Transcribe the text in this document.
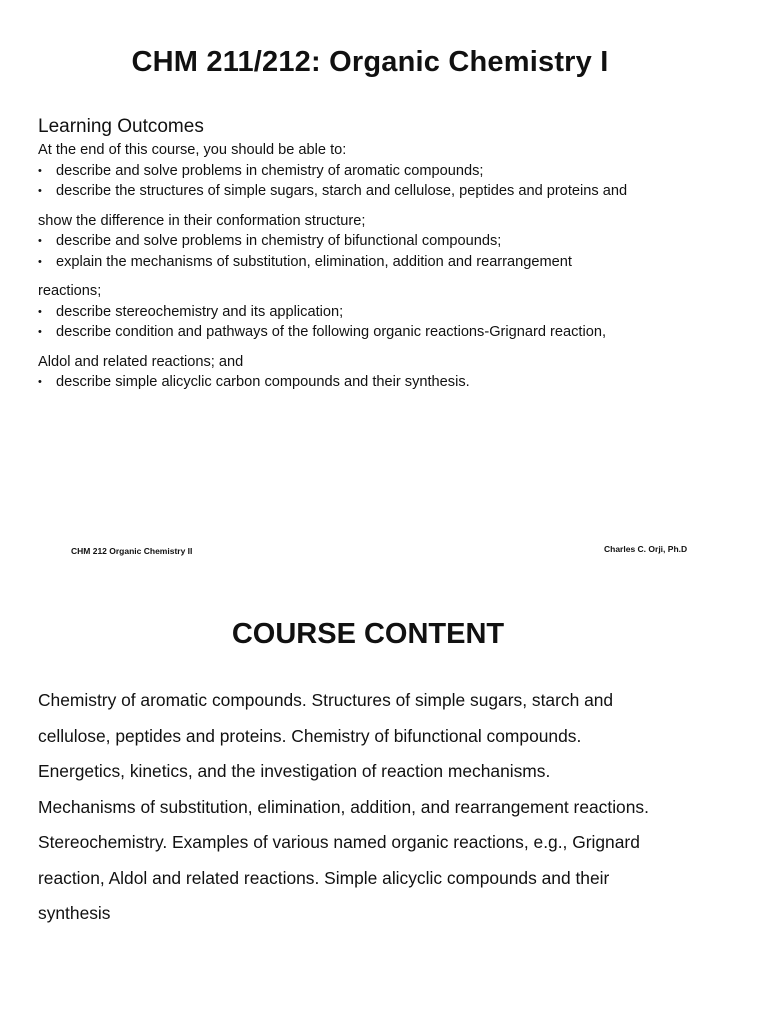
CHM 211/212: Organic Chemistry I
Learning Outcomes
At the end of this course, you should be able to:
• describe and solve problems in chemistry of aromatic compounds;
• describe the structures of simple sugars, starch and cellulose, peptides and proteins and
show the difference in their conformation structure;
• describe and solve problems in chemistry of bifunctional compounds;
• explain the mechanisms of substitution, elimination, addition and rearrangement
reactions;
• describe stereochemistry and its application;
• describe condition and pathways of the following organic reactions-Grignard reaction,
Aldol and related reactions; and
• describe simple alicyclic carbon compounds and their synthesis.
CHM 212 Organic Chemistry II	Charles C. Orji, Ph.D
COURSE CONTENT
Chemistry of aromatic compounds. Structures of simple sugars, starch and
cellulose, peptides and proteins. Chemistry of bifunctional compounds.
Energetics, kinetics, and the investigation of reaction mechanisms.
Mechanisms of substitution, elimination, addition, and rearrangement reactions.
Stereochemistry. Examples of various named organic reactions, e.g., Grignard
reaction, Aldol and related reactions. Simple alicyclic compounds and their
synthesis
